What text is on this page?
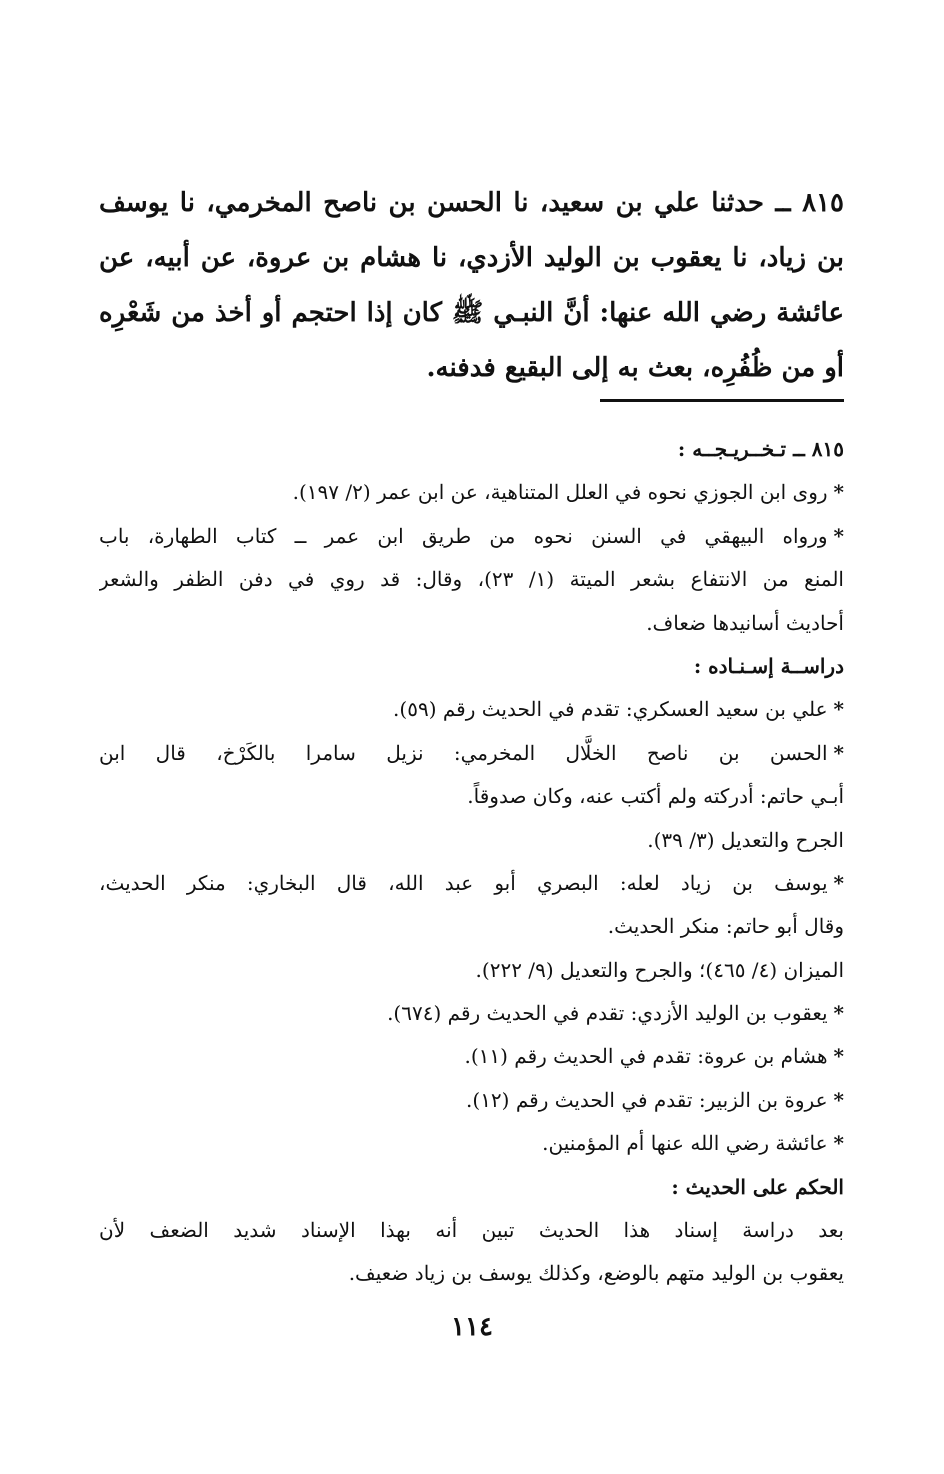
٨١٥ ــ حدثنا علي بن سعيد، نا الحسن بن ناصح المخرمي، نا يوسف بن زياد، نا يعقوب بن الوليد الأزدي، نا هشام بن عروة، عن أبيه، عن عائشة رضي الله عنها: أنَّ النبـي ﷺ كان إذا احتجم أو أخذ من شَعْرِه أو من ظُفُرِه، بعث به إلى البقيع فدفنه.
٨١٥ ــ تـخــريـجــه :
*روى ابن الجوزي نحوه في العلل المتناهية، عن ابن عمر (٢/ ١٩٧).
*ورواه البيهقي في السنن نحوه من طريق ابن عمر ــ كتاب الطهارة، باب
المنع من الانتفاع بشعر الميتة (١/ ٢٣)، وقال: قد روي في دفن الظفر والشعر
أحاديث أسانيدها ضعاف.
دراســة إسـنـاده :
*علي بن سعيد العسكري: تقدم في الحديث رقم (٥٩).
*الحسن بن ناصح الخلَّال المخرمي: نزيل سامرا بالكَرْخ، قال ابن
أبـي حاتم: أدركته ولم أكتب عنه، وكان صدوقاً.
الجرح والتعديل (٣/ ٣٩).
*يوسف بن زياد لعله: البصري أبو عبد الله، قال البخاري: منكر الحديث،
وقال أبو حاتم: منكر الحديث.
الميزان (٤/ ٤٦٥)؛ والجرح والتعديل (٩/ ٢٢٢).
*يعقوب بن الوليد الأزدي: تقدم في الحديث رقم (٦٧٤).
*هشام بن عروة: تقدم في الحديث رقم (١١).
*عروة بن الزبير: تقدم في الحديث رقم (١٢).
*عائشة رضي الله عنها أم المؤمنين.
الحكم على الحديث :
بعد دراسة إسناد هذا الحديث تبين أنه بهذا الإسناد شديد الضعف لأن
يعقوب بن الوليد متهم بالوضع، وكذلك يوسف بن زياد ضعيف.
١١٤
